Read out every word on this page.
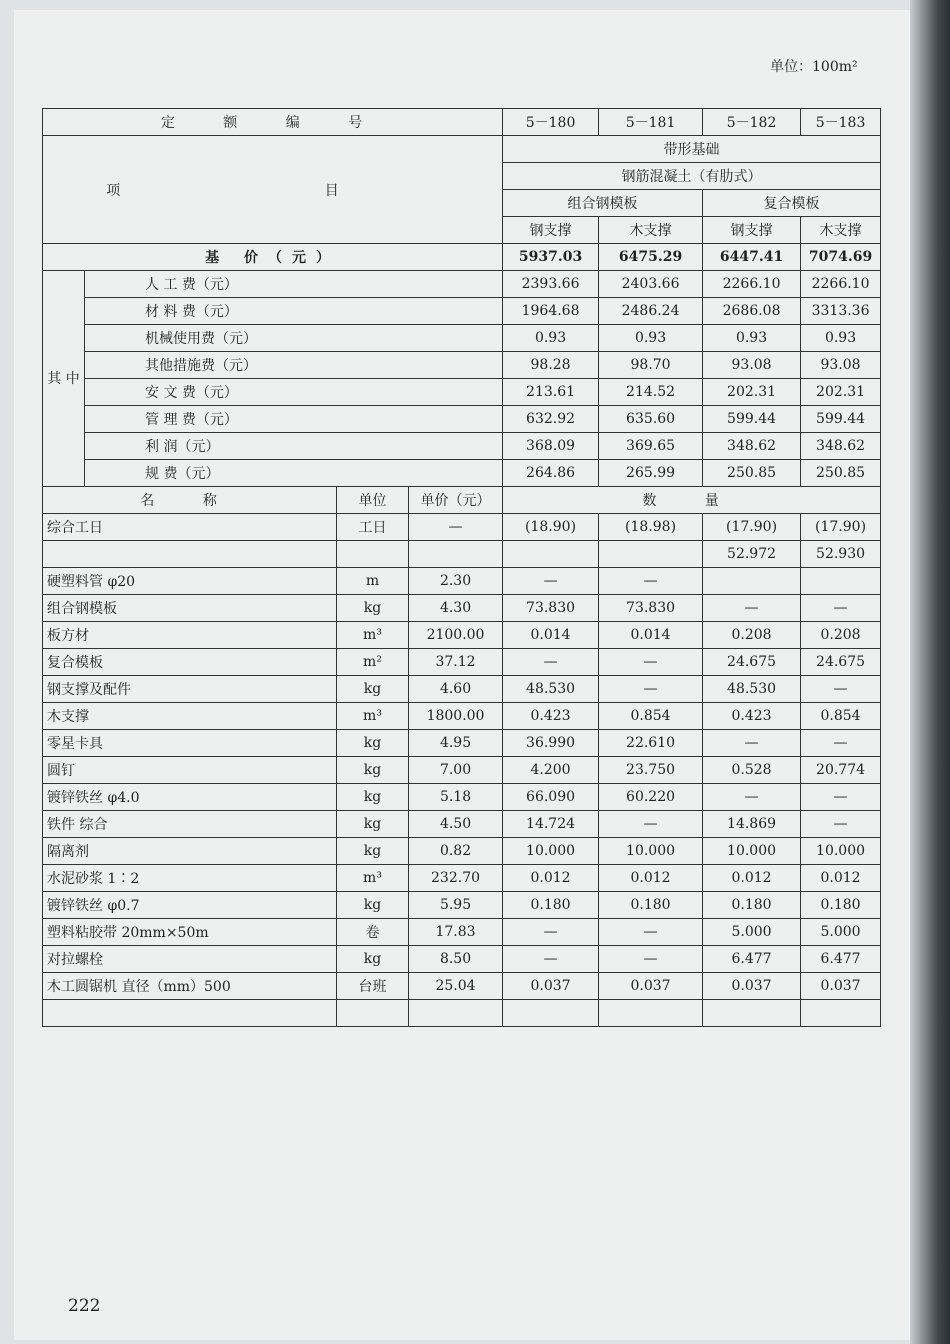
单位：100m²
定 额 编 号				5－180	5－181	5－182	5－183
项 目				带形基础			
				钢筋混凝土（有肋式）			
				组合钢模板		复合模板	
				钢支撑	木支撑	钢支撑	木支撑
基 价（元）				5937.03	6475.29	6447.41	7074.69
其 中	人 工 费（元）			2393.66	2403.66	2266.10	2266.10
	材 料 费（元）			1964.68	2486.24	2686.08	3313.36
	机械使用费（元）			0.93	0.93	0.93	0.93
	其他措施费（元）			98.28	98.70	93.08	93.08
	安 文 费（元）			213.61	214.52	202.31	202.31
	管 理 费（元）			632.92	635.60	599.44	599.44
	利 润（元）			368.09	369.65	348.62	348.62
	规 费（元）			264.86	265.99	250.85	250.85
名 称		单位	单价（元）	数 量			
综合工日		工日	—	(18.90)	(18.98)	(17.90)	(17.90)
						52.972	52.930
硬塑料管 φ20		m	2.30	—	—		
组合钢模板		kg	4.30	73.830	73.830	—	—
板方材		m³	2100.00	0.014	0.014	0.208	0.208
复合模板		m²	37.12	—	—	24.675	24.675
钢支撑及配件		kg	4.60	48.530	—	48.530	—
木支撑		m³	1800.00	0.423	0.854	0.423	0.854
零星卡具		kg	4.95	36.990	22.610	—	—
圆钉		kg	7.00	4.200	23.750	0.528	20.774
镀锌铁丝 φ4.0		kg	5.18	66.090	60.220	—	—
铁件 综合		kg	4.50	14.724	—	14.869	—
隔离剂		kg	0.82	10.000	10.000	10.000	10.000
水泥砂浆 1∶2		m³	232.70	0.012	0.012	0.012	0.012
镀锌铁丝 φ0.7		kg	5.95	0.180	0.180	0.180	0.180
塑料粘胶带 20mm×50m		卷	17.83	—	—	5.000	5.000
对拉螺栓		kg	8.50	—	—	6.477	6.477
木工圆锯机 直径（mm）500		台班	25.04	0.037	0.037	0.037	0.037

222
